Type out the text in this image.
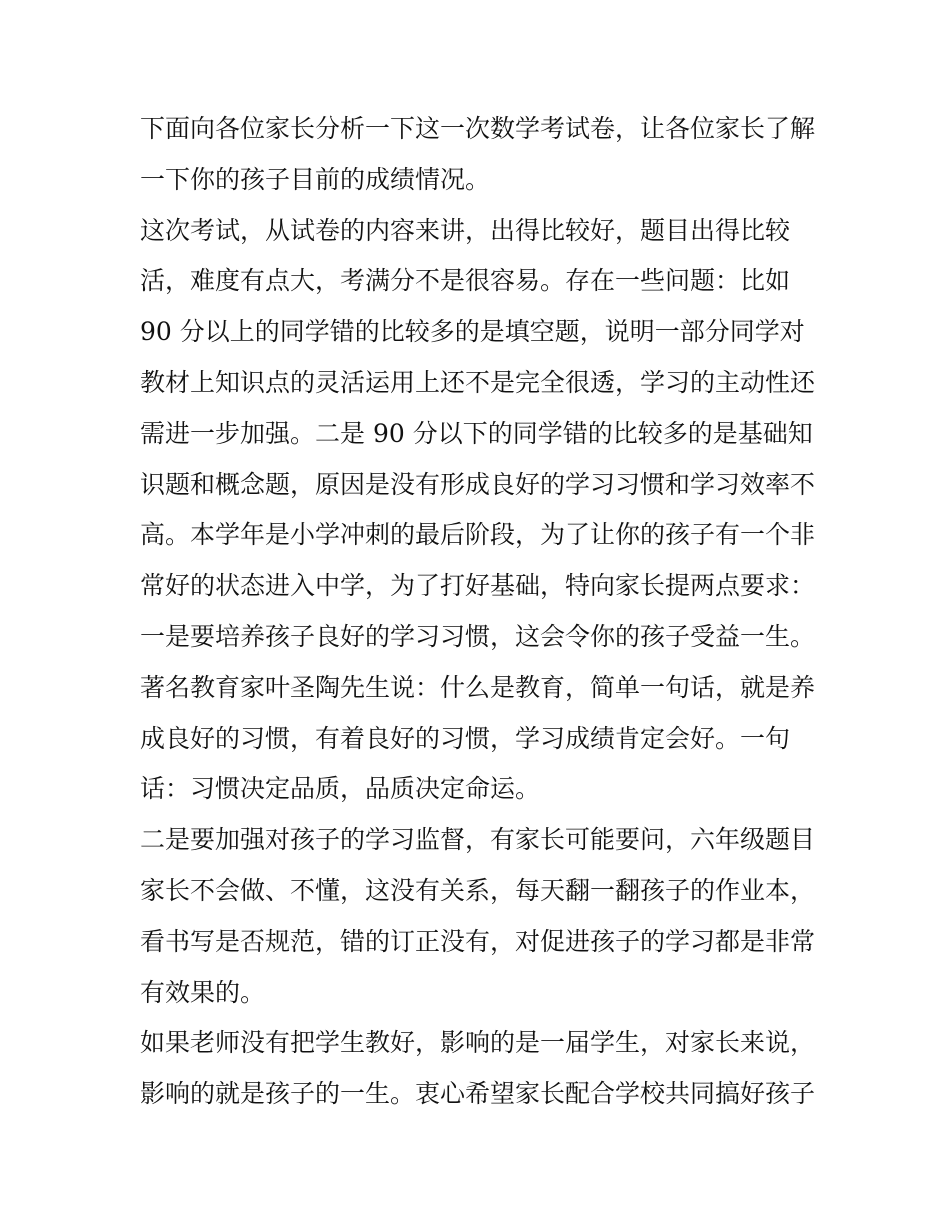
下面向各位家长分析一下这一次数学考试卷，让各位家长了解
一下你的孩子目前的成绩情况。
这次考试，从试卷的内容来讲，出得比较好，题目出得比较
活，难度有点大，考满分不是很容易。存在一些问题：比如
90 分以上的同学错的比较多的是填空题，说明一部分同学对
教材上知识点的灵活运用上还不是完全很透，学习的主动性还
需进一步加强。二是 90 分以下的同学错的比较多的是基础知
识题和概念题，原因是没有形成良好的学习习惯和学习效率不
高。本学年是小学冲刺的最后阶段，为了让你的孩子有一个非
常好的状态进入中学，为了打好基础，特向家长提两点要求：
一是要培养孩子良好的学习习惯，这会令你的孩子受益一生。
著名教育家叶圣陶先生说：什么是教育，简单一句话，就是养
成良好的习惯，有着良好的习惯，学习成绩肯定会好。一句
话：习惯决定品质，品质决定命运。
二是要加强对孩子的学习监督，有家长可能要问，六年级题目
家长不会做、不懂，这没有关系，每天翻一翻孩子的作业本，
看书写是否规范，错的订正没有，对促进孩子的学习都是非常
有效果的。
如果老师没有把学生教好，影响的是一届学生，对家长来说，
影响的就是孩子的一生。衷心希望家长配合学校共同搞好孩子
